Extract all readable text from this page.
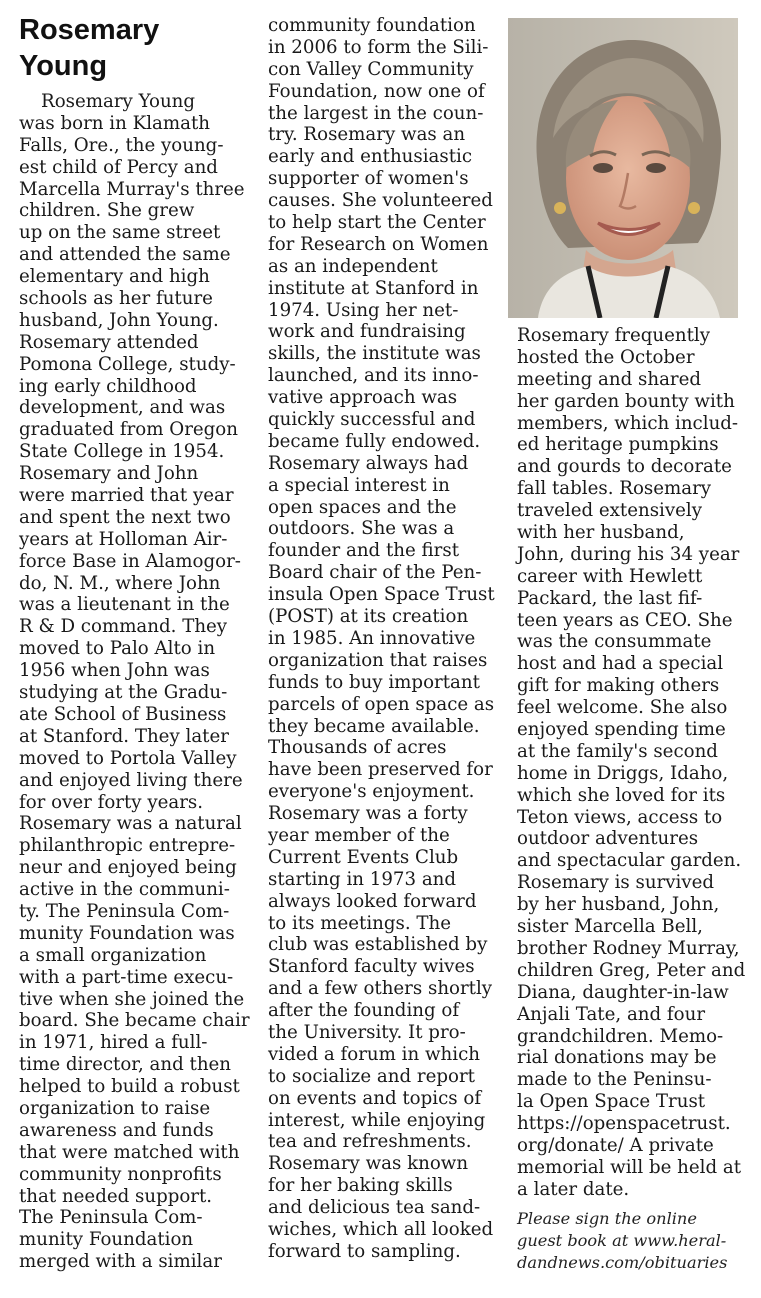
Rosemary
Young
Rosemary Young
was born in Klamath
Falls, Ore., the young-
est child of Percy and
Marcella Murray's three
children. She grew
up on the same street
and attended the same
elementary and high
schools as her future
husband, John Young.
Rosemary attended
Pomona College, study-
ing early childhood
development, and was
graduated from Oregon
State College in 1954.
Rosemary and John
were married that year
and spent the next two
years at Holloman Air-
force Base in Alamogor-
do, N. M., where John
was a lieutenant in the
R & D command. They
moved to Palo Alto in
1956 when John was
studying at the Gradu-
ate School of Business
at Stanford. They later
moved to Portola Valley
and enjoyed living there
for over forty years.
Rosemary was a natural
philanthropic entrepre-
neur and enjoyed being
active in the communi-
ty. The Peninsula Com-
munity Foundation was
a small organization
with a part-time execu-
tive when she joined the
board. She became chair
in 1971, hired a full-
time director, and then
helped to build a robust
organization to raise
awareness and funds
that were matched with
community nonprofits
that needed support.
The Peninsula Com-
munity Foundation
merged with a similar
community foundation
in 2006 to form the Sili-
con Valley Community
Foundation, now one of
the largest in the coun-
try. Rosemary was an
early and enthusiastic
supporter of women's
causes. She volunteered
to help start the Center
for Research on Women
as an independent
institute at Stanford in
1974. Using her net-
work and fundraising
skills, the institute was
launched, and its inno-
vative approach was
quickly successful and
became fully endowed.
Rosemary always had
a special interest in
open spaces and the
outdoors. She was a
founder and the first
Board chair of the Pen-
insula Open Space Trust
(POST) at its creation
in 1985. An innovative
organization that raises
funds to buy important
parcels of open space as
they became available.
Thousands of acres
have been preserved for
everyone's enjoyment.
Rosemary was a forty
year member of the
Current Events Club
starting in 1973 and
always looked forward
to its meetings. The
club was established by
Stanford faculty wives
and a few others shortly
after the founding of
the University. It pro-
vided a forum in which
to socialize and report
on events and topics of
interest, while enjoying
tea and refreshments.
Rosemary was known
for her baking skills
and delicious tea sand-
wiches, which all looked
forward to sampling.
Rosemary frequently
hosted the October
meeting and shared
her garden bounty with
members, which includ-
ed heritage pumpkins
and gourds to decorate
fall tables. Rosemary
traveled extensively
with her husband,
John, during his 34 year
career with Hewlett
Packard, the last fif-
teen years as CEO. She
was the consummate
host and had a special
gift for making others
feel welcome. She also
enjoyed spending time
at the family's second
home in Driggs, Idaho,
which she loved for its
Teton views, access to
outdoor adventures
and spectacular garden.
Rosemary is survived
by her husband, John,
sister Marcella Bell,
brother Rodney Murray,
children Greg, Peter and
Diana, daughter-in-law
Anjali Tate, and four
grandchildren. Memo-
rial donations may be
made to the Peninsu-
la Open Space Trust
https://openspacetrust.
org/donate/ A private
memorial will be held at
a later date.
Please sign the online
guest book at www.heral-
dandnews.com/obituaries
